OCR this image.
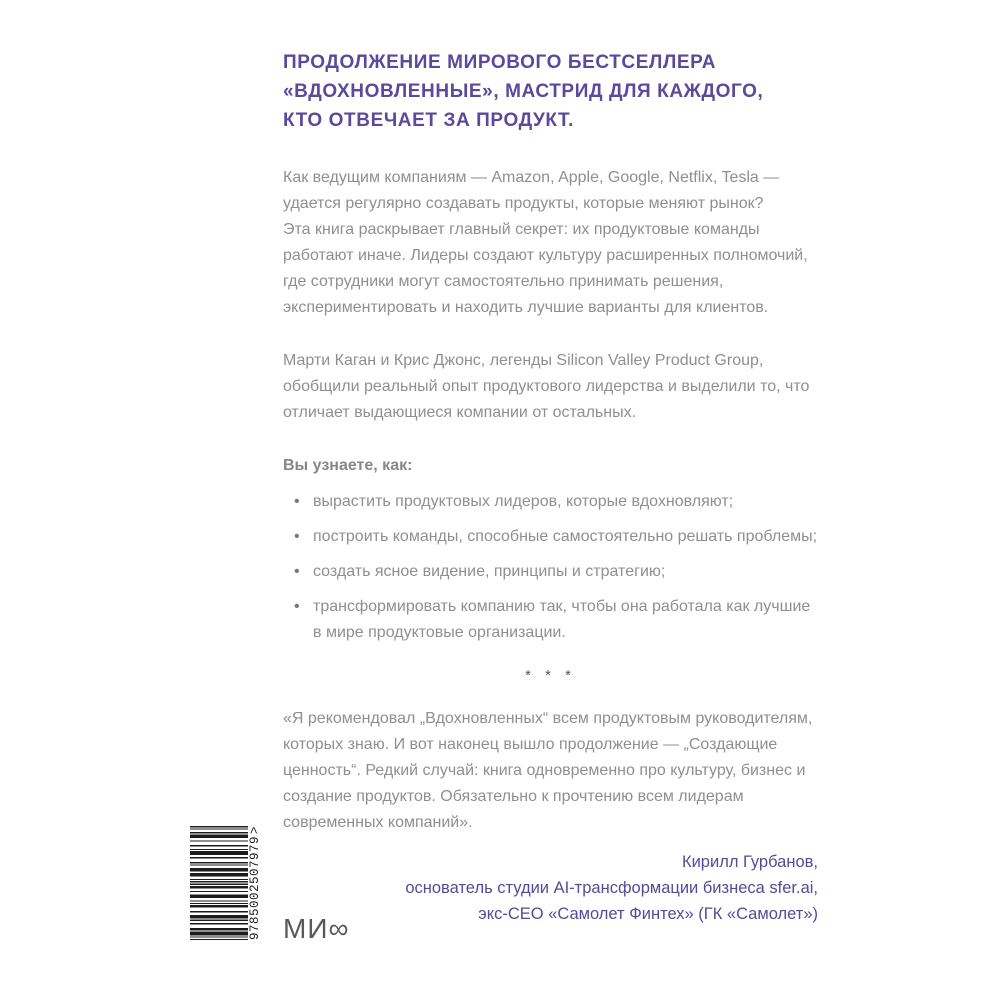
ПРОДОЛЖЕНИЕ МИРОВОГО БЕСТСЕЛЛЕРА
«ВДОХНОВЛЕННЫЕ», МАСТРИД ДЛЯ КАЖДОГО,
КТО ОТВЕЧАЕТ ЗА ПРОДУКТ.

Как ведущим компаниям — Amazon, Apple, Google, Netflix, Tesla — удается регулярно создавать продукты, которые меняют рынок?

Эта книга раскрывает главный секрет: их продуктовые команды работают иначе. Лидеры создают культуру расширенных полномочий, где сотрудники могут самостоятельно принимать решения, экспериментировать и находить лучшие варианты для клиентов.

Марти Каган и Крис Джонс, легенды Silicon Valley Product Group, обобщили реальный опыт продуктового лидерства и выделили то, что отличает выдающиеся компании от остальных.

Вы узнаете, как:

• вырастить продуктовых лидеров, которые вдохновляют;
• построить команды, способные самостоятельно решать проблемы;
• создать ясное видение, принципы и стратегию;
• трансформировать компанию так, чтобы она работала как лучшие в мире продуктовые организации.
* * *

«Я рекомендовал „Вдохновленных“ всем продуктовым руководителям, которых знаю. И вот наконец вышло продолжение — „Создающие ценность“. Редкий случай: книга одновременно про культуру, бизнес и создание продуктов. Обязательно к прочтению всем лидерам современных компаний».

Кирилл Гурбанов,
основатель студии AI-трансформации бизнеса sfer.ai,
экс-CEO «Самолет Финтех» (ГК «Самолет»)
9785002507979
>
МИ∞
